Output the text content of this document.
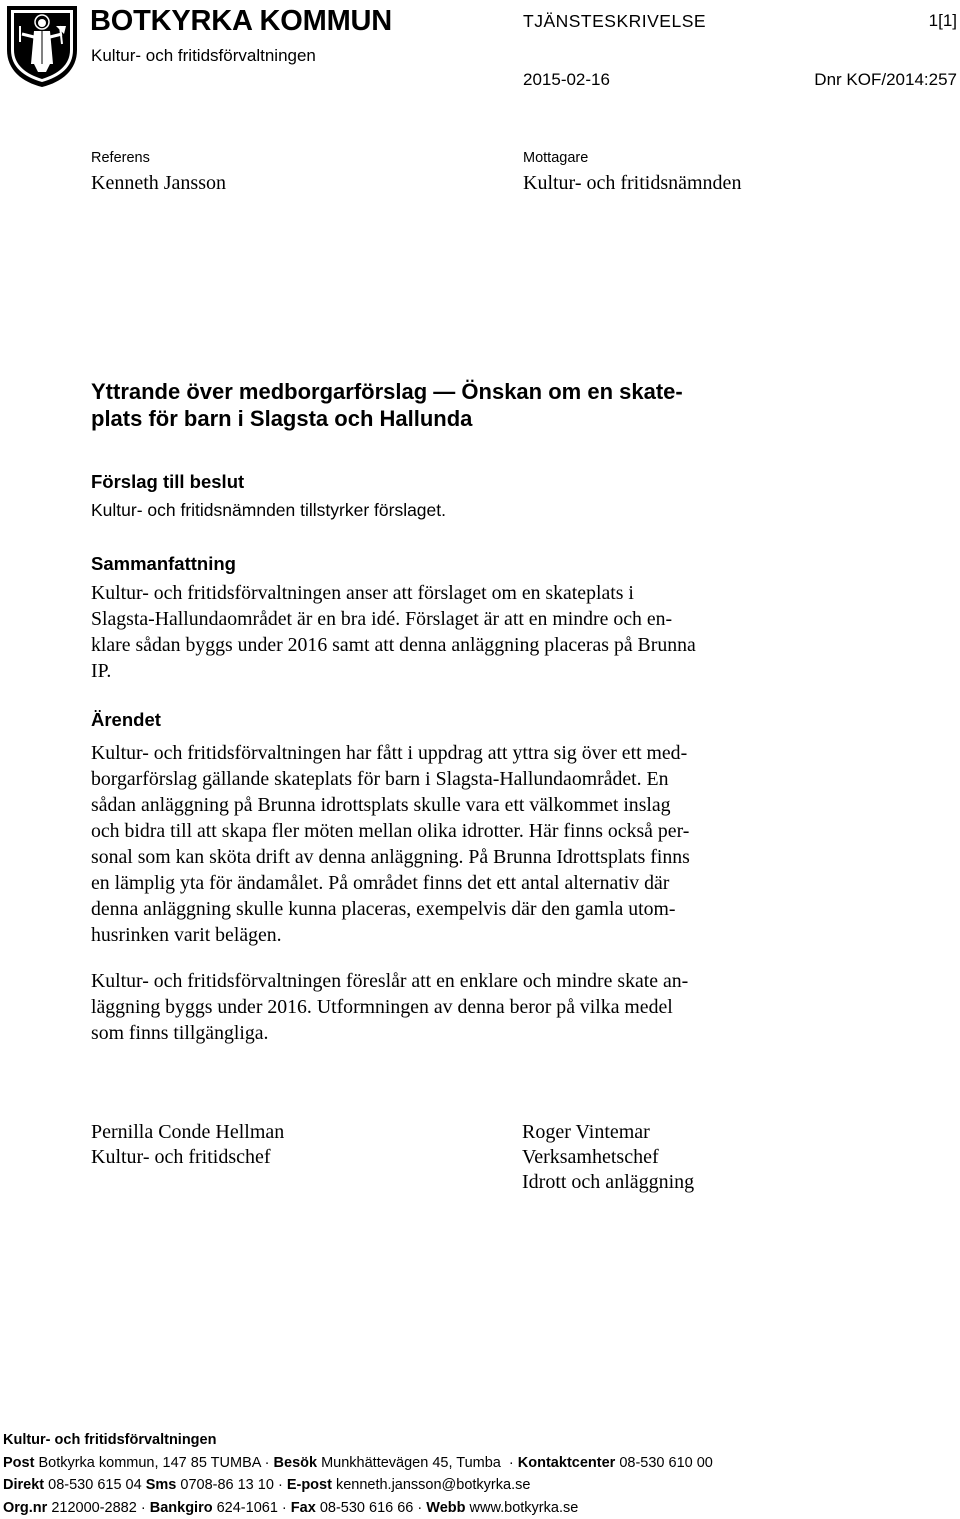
BOTKYRKA KOMMUN
Kultur- och fritidsförvaltningen
TJÄNSTESKRIVELSE	1[1]
2015-02-16	Dnr KOF/2014:257
Referens
Kenneth Jansson
Mottagare
Kultur- och fritidsnämnden
Yttrande över medborgarförslag — Önskan om en skate-
plats för barn i Slagsta och Hallunda
Förslag till beslut
Kultur- och fritidsnämnden tillstyrker förslaget.
Sammanfattning

Kultur- och fritidsförvaltningen anser att förslaget om en skateplats i
Slagsta-Hallundaområdet är en bra idé. Förslaget är att en mindre och en-
klare sådan byggs under 2016 samt att denna anläggning placeras på Brunna
IP.

Ärendet

Kultur- och fritidsförvaltningen har fått i uppdrag att yttra sig över ett med-
borgarförslag gällande skateplats för barn i Slagsta-Hallundaområdet. En
sådan anläggning på Brunna idrottsplats skulle vara ett välkommet inslag
och bidra till att skapa fler möten mellan olika idrotter. Här finns också per-
sonal som kan sköta drift av denna anläggning. På Brunna Idrottsplats finns
en lämplig yta för ändamålet. På området finns det ett antal alternativ där
denna anläggning skulle kunna placeras, exempelvis där den gamla utom-
husrinken varit belägen.

Kultur- och fritidsförvaltningen föreslår att en enklare och mindre skate an-
läggning byggs under 2016. Utformningen av denna beror på vilka medel
som finns tillgängliga.

Pernilla Conde Hellman
Kultur- och fritidschef
Roger Vintemar
Verksamhetschef
Idrott och anläggning
Kultur- och fritidsförvaltningen
Post Botkyrka kommun, 147 85 TUMBA · Besök Munkhättevägen 45, Tumba · Kontaktcenter 08-530 610 00
Direkt 08-530 615 04 Sms 0708-86 13 10 · E-post kenneth.jansson@botkyrka.se
Org.nr 212000-2882 · Bankgiro 624-1061 · Fax 08-530 616 66 · Webb www.botkyrka.se
